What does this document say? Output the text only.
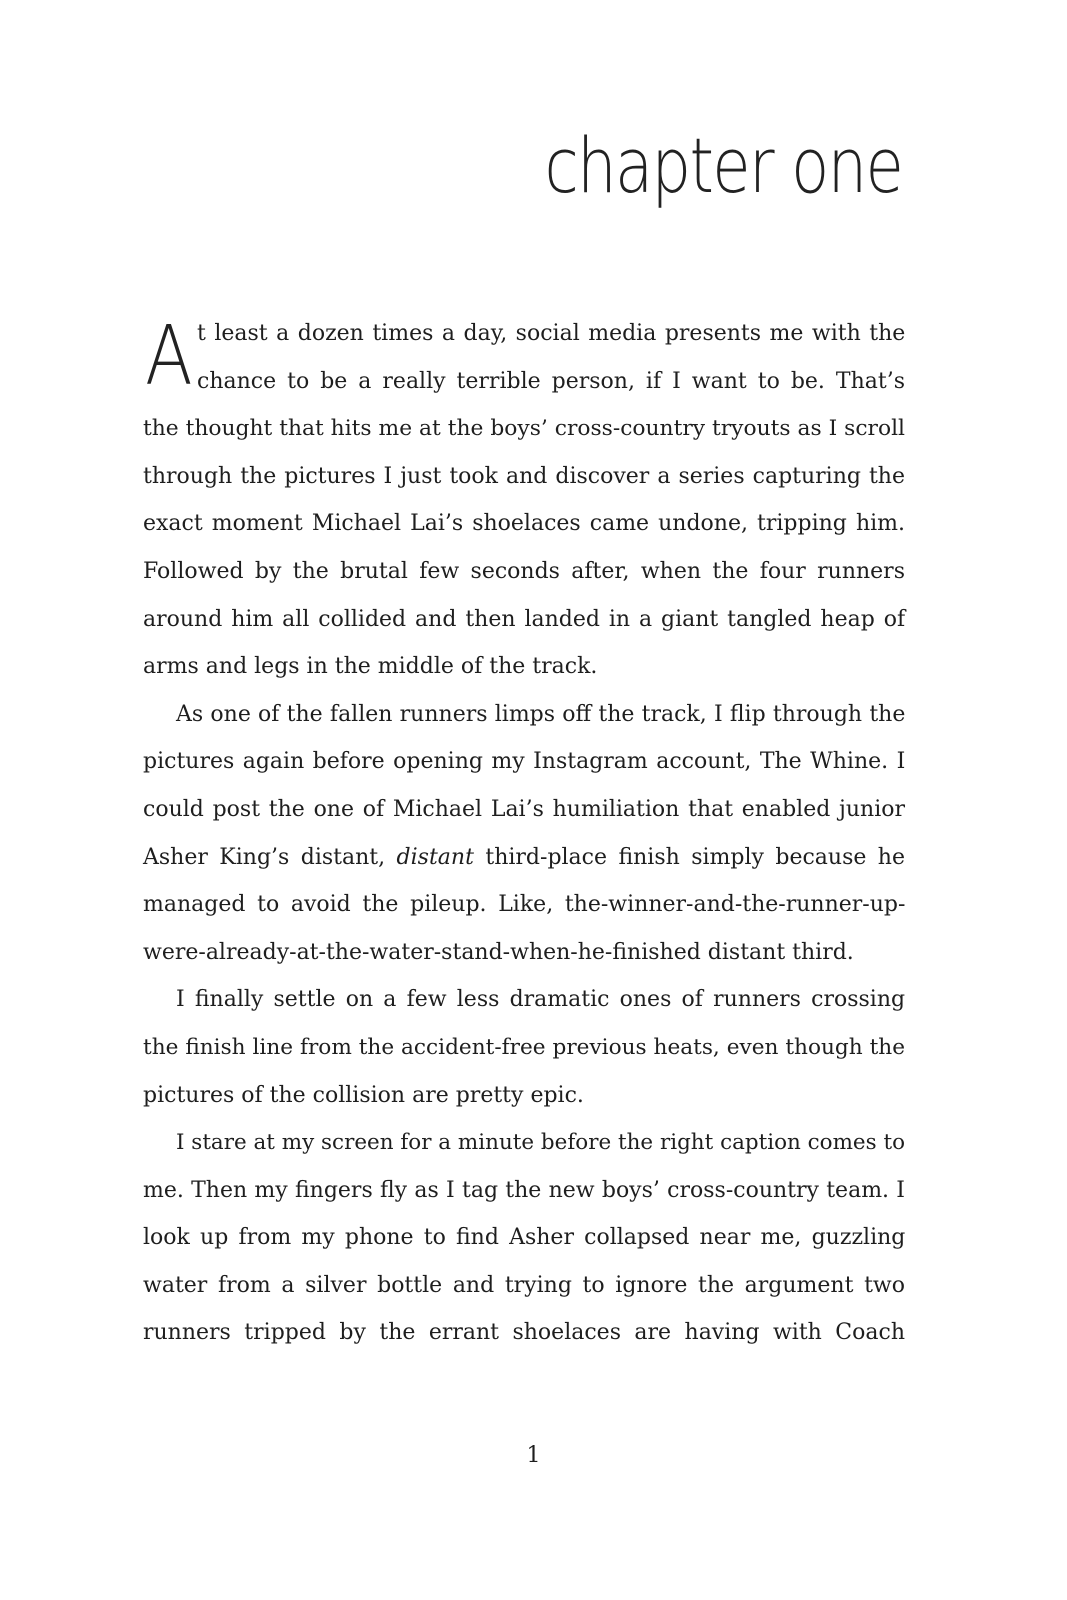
chapter one
A t least a dozen times a day, social media presents me with the
chance to be a really terrible person, if I want to be. That’s
the thought that hits me at the boys’ cross-country tryouts as I scroll
through the pictures I just took and discover a series capturing the
exact moment Michael Lai’s shoelaces came undone, tripping him.
Followed by the brutal few seconds after, when the four runners
around him all collided and then landed in a giant tangled heap of
arms and legs in the middle of the track.
As one of the fallen runners limps off the track, I flip through the
pictures again before opening my Instagram account, The Whine. I
could post the one of Michael Lai’s humiliation that enabled junior
Asher King’s distant, distant third-place finish simply because he
managed to avoid the pileup. Like, the-winner-and-the-runner-up-
were-already-at-the-water-stand-when-he-finished distant third.
I finally settle on a few less dramatic ones of runners crossing
the finish line from the accident-free previous heats, even though the
pictures of the collision are pretty epic.
I stare at my screen for a minute before the right caption comes to
me. Then my fingers fly as I tag the new boys’ cross-country team. I
look up from my phone to find Asher collapsed near me, guzzling
water from a silver bottle and trying to ignore the argument two
runners tripped by the errant shoelaces are having with Coach
1
